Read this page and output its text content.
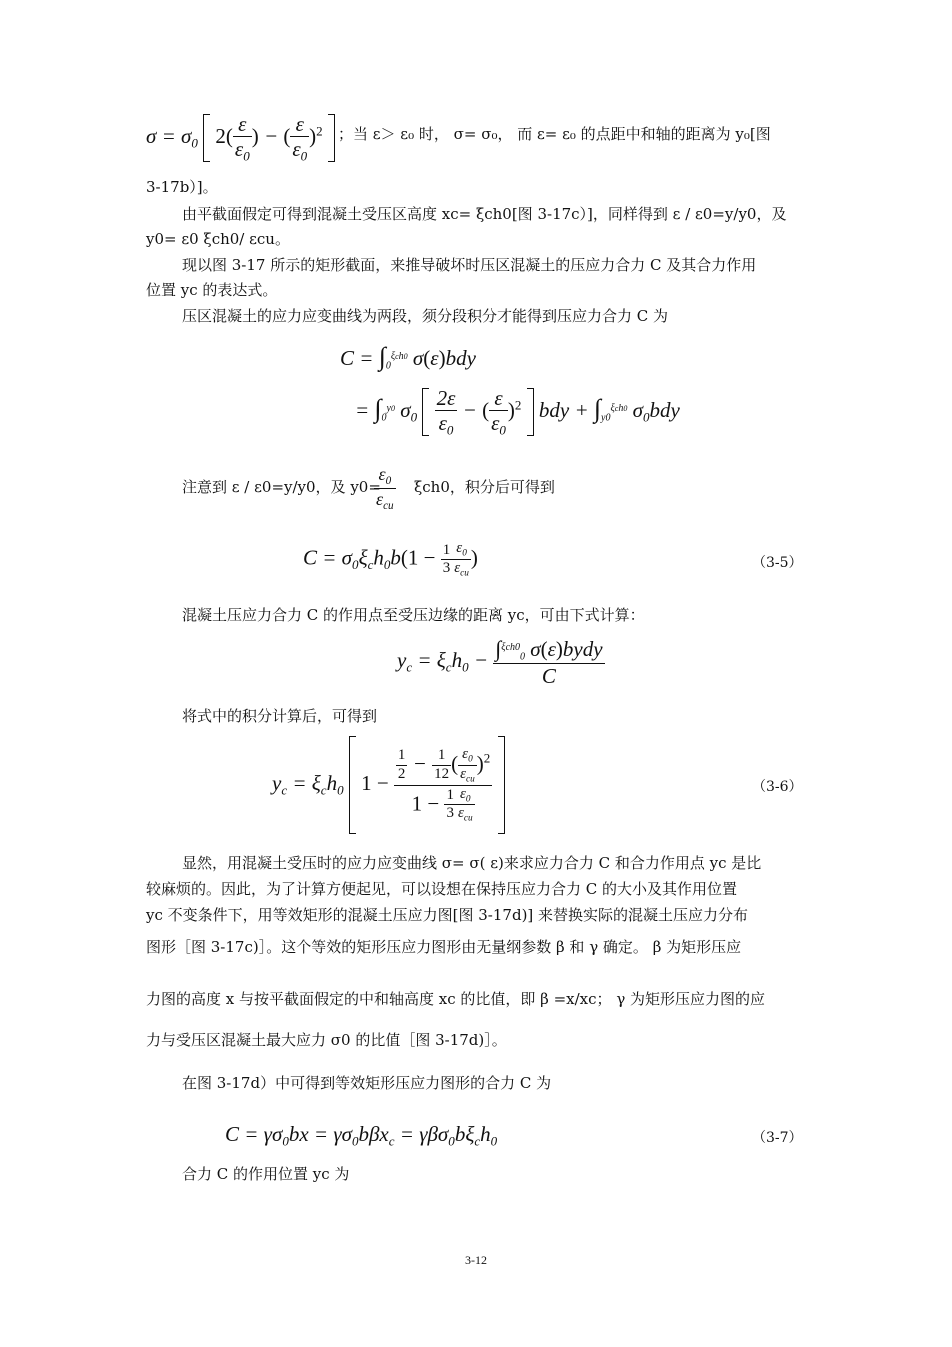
$\sigma = \sigma_0$ $2( \frac{\varepsilon}{\varepsilon_0}$ ) − ( $\frac{\varepsilon}{\varepsilon_0} )^2$	；当 ε＞ ε₀ 时， σ= σ₀， 而 ε= ε₀ 的点距中和轴的距离为 y₀[图
3-17b）]。
由平截面假定可得到混凝土受压区高度 xc= ξch0[图 3-17c）]，同样得到 ε / ε0=y/y0，及
y0= ε0 ξch0/ εcu。
现以图 3-17 所示的矩形截面，来推导破坏时压区混凝土的压应力合力 C 及其合力作用
位置 yc 的表达式。
压区混凝土的应力应变曲线为两段，须分段积分才能得到压应力合力 C 为
$C = \int_0^{\xi ch0}$ σ(ε)bdy
= $\int_0^{y0}$ $\sigma_0 \frac{2\varepsilon}{\varepsilon_0}$ − ( $\frac{\varepsilon}{\varepsilon_0} )^2$  bdy + $\int_{y0}^{\xi ch0}$ $\sigma_0bdy$
注意到 ε / ε0=y/y0，及 y0=
$\frac{\varepsilon_0}{\varepsilon_{cu}} \xi ch0$，积分后可得到
$C = \sigma_0\xi_ch_0b(1 - \frac{1}{3} \frac{\varepsilon_0}{\varepsilon_{cu}}$ )	（3-5）
混凝土压应力合力 C 的作用点至受压边缘的距离 yc，可由下式计算：
$y_c = \xi_ch_0 - \frac{\int^{\xi ch0}_0 \sigma(\varepsilon)bydy}{C}$
将式中的积分计算后，可得到
$y_c = \xi_ch_0$ $1 - \frac{\frac{1}{2} - \frac{1}{12} ( \frac{\varepsilon_0}{\varepsilon_{cu}} )^2}{1 - \frac{1}{3} \frac{\varepsilon_0}{\varepsilon_{cu}}}$
	（3-6）
显然，用混凝土受压时的应力应变曲线 σ= σ( ε)来求应力合力 C 和合力作用点 yc 是比
较麻烦的。因此，为了计算方便起见，可以设想在保持压应力合力 C 的大小及其作用位置
yc 不变条件下，用等效矩形的混凝土压应力图[图 3-17d)] 来替换实际的混凝土压应力分布
图形［图 3-17c)］。这个等效的矩形压应力图形由无量纲参数 β 和 γ 确定。 β 为矩形压应
力图的高度 x 与按平截面假定的中和轴高度 xc 的比值，即 β =x/xc； γ 为矩形压应力图的应
力与受压区混凝土最大应力 σ0 的比值［图 3-17d)］。
在图 3-17d）中可得到等效矩形压应力图形的合力 C 为
$C = \gamma\sigma_0bx = \gamma\sigma_0b\beta x_c = \gamma\beta\sigma_0b\xi_ch_0$	（3-7）
合力 C 的作用位置 yc 为
3-12
